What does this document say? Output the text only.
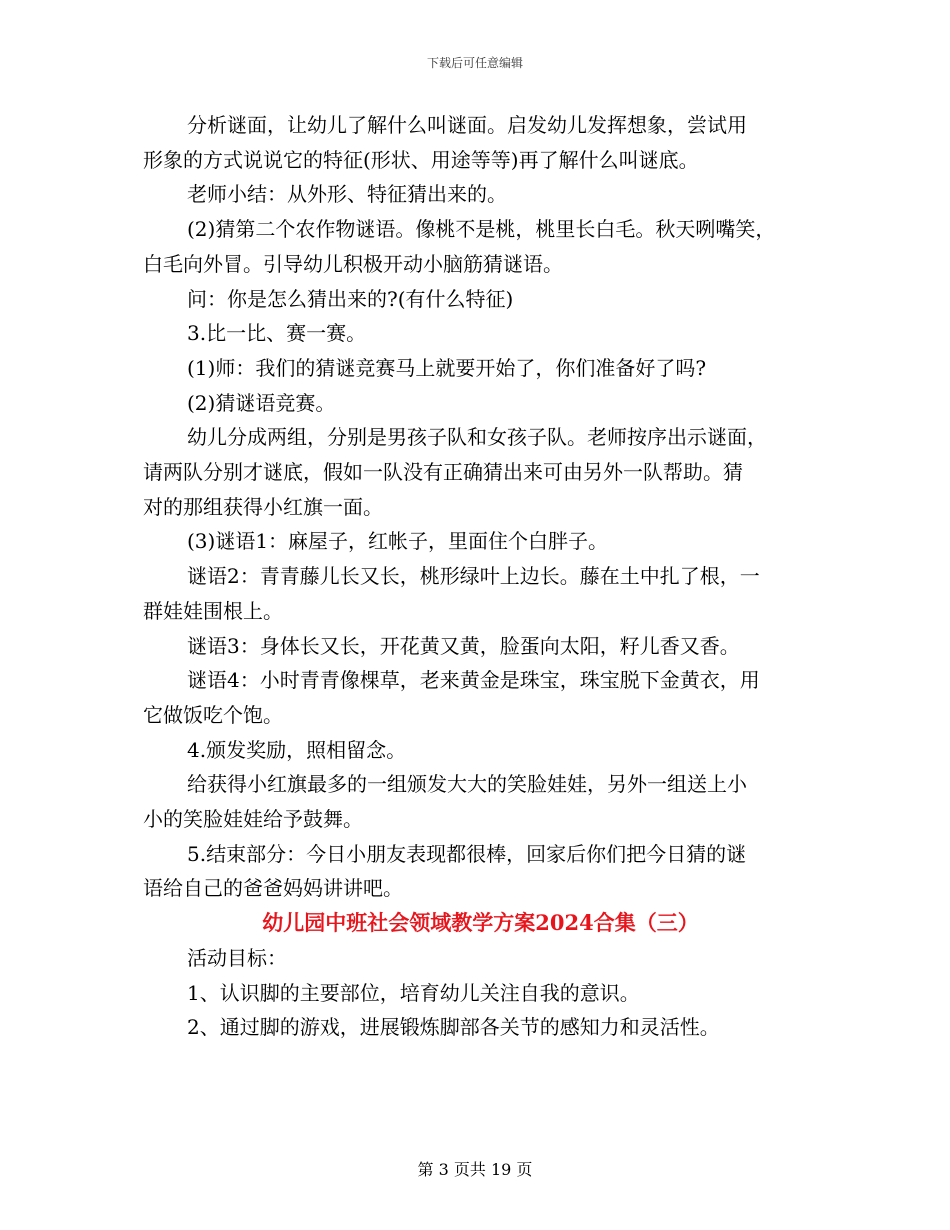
下载后可任意编辑
分析谜面，让幼儿了解什么叫谜面。启发幼儿发挥想象，尝试用
形象的方式说说它的特征(形状、用途等等)再了解什么叫谜底。
老师小结：从外形、特征猜出来的。
(2)猜第二个农作物谜语。像桃不是桃，桃里长白毛。秋天咧嘴笑，
白毛向外冒。引导幼儿积极开动小脑筋猜谜语。
问：你是怎么猜出来的?(有什么特征)
3.比一比、赛一赛。
(1)师：我们的猜谜竞赛马上就要开始了，你们准备好了吗?
(2)猜谜语竞赛。
幼儿分成两组，分别是男孩子队和女孩子队。老师按序出示谜面，
请两队分别才谜底，假如一队没有正确猜出来可由另外一队帮助。猜
对的那组获得小红旗一面。
(3)谜语1：麻屋子，红帐子，里面住个白胖子。
谜语2：青青藤儿长又长，桃形绿叶上边长。藤在土中扎了根，一
群娃娃围根上。
谜语3：身体长又长，开花黄又黄，脸蛋向太阳，籽儿香又香。
谜语4：小时青青像棵草，老来黄金是珠宝，珠宝脱下金黄衣，用
它做饭吃个饱。
4.颁发奖励，照相留念。
给获得小红旗最多的一组颁发大大的笑脸娃娃，另外一组送上小
小的笑脸娃娃给予鼓舞。
5.结束部分：今日小朋友表现都很棒，回家后你们把今日猜的谜
语给自己的爸爸妈妈讲讲吧。
幼儿园中班社会领域教学方案2024合集（三）
活动目标：
1、认识脚的主要部位，培育幼儿关注自我的意识。
2、通过脚的游戏，进展锻炼脚部各关节的感知力和灵活性。
第 3 页共 19 页
